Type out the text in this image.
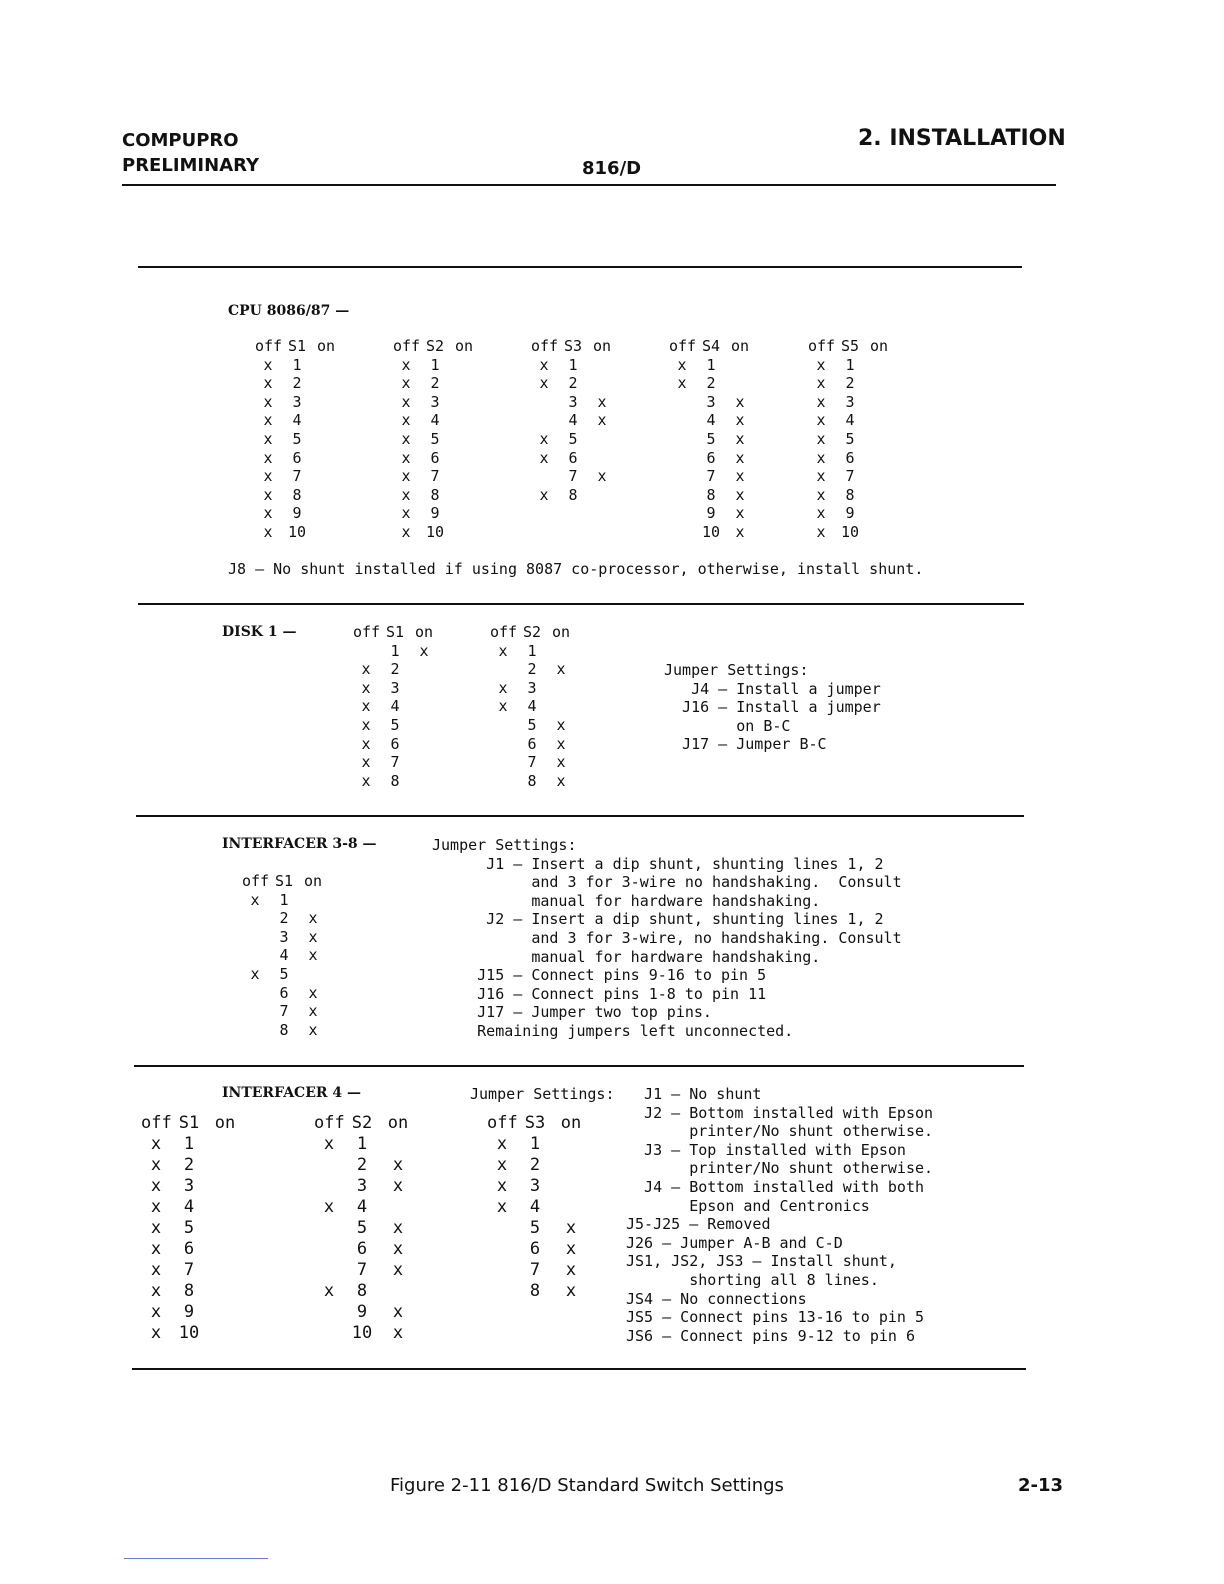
COMPUPRO
PRELIMINARY	816/D
2. INSTALLATION
CPU 8086/87 —
off S1 on
x	1
x	2
x	3
x	4
x	5
x	6
x	7
x	8
x	9
x	10
off S2 on
x	1
x	2
x	3
x	4
x	5
x	6
x	7
x	8
x	9
x	10
off S3 on
x	1
x	2
3	x
4	x
x	5
x	6
7	x
x	8
off S4 on
x	1
x	2
3	x
4	x
5	x
6	x
7	x
8	x
9	x
10	x
off S5 on
x	1
x	2
x	3
x	4
x	5
x	6
x	7
x	8
x	9
x	10
J8 — No shunt installed if using 8087 co-processor, otherwise, install shunt.
DISK 1 —	off S1 on
1	x
x	2
x	3
x	4
x	5
x	6
x	7
x	8
off S2 on
x	1
2	x
x	3
x	4
5	x
6	x
7	x
8	x
Jumper Settings:
J4 — Install a jumper
J16 — Install a jumper
on B-C
J17 — Jumper B-C
INTERFACER 3-8 —
off S1 on
x	1
2	x
3	x
4	x
x	5
6	x
7	x
8	x
Jumper Settings:
J1 — Insert a dip shunt, shunting lines 1, 2
and 3 for 3-wire no handshaking.  Consult
manual for hardware handshaking.
J2 — Insert a dip shunt, shunting lines 1, 2
and 3 for 3-wire, no handshaking. Consult
manual for hardware handshaking.
J15 — Connect pins 9-16 to pin 5
J16 — Connect pins 1-8 to pin 11
J17 — Jumper two top pins.
Remaining jumpers left unconnected.
INTERFACER 4 —	Jumper Settings:
off S1 on
x	1
x	2
x	3
x	4
x	5
x	6
x	7
x	8
x	9
x	10
off S2 on
x	1
2	x
3	x
x	4
5	x
6	x
7	x
x	8
9	x
10	x
off S3 on
x	1
x	2
x	3
x	4
5	x
6	x
7	x
8	x
J1 — No shunt
J2 — Bottom installed with Epson
printer/No shunt otherwise.
J3 — Top installed with Epson
printer/No shunt otherwise.
J4 — Bottom installed with both
Epson and Centronics
J5-J25 — Removed
J26 — Jumper A-B and C-D
JS1, JS2, JS3 — Install shunt,
shorting all 8 lines.
JS4 — No connections
JS5 — Connect pins 13-16 to pin 5
JS6 — Connect pins 9-12 to pin 6
Figure 2-11 816/D Standard Switch Settings	2-13
